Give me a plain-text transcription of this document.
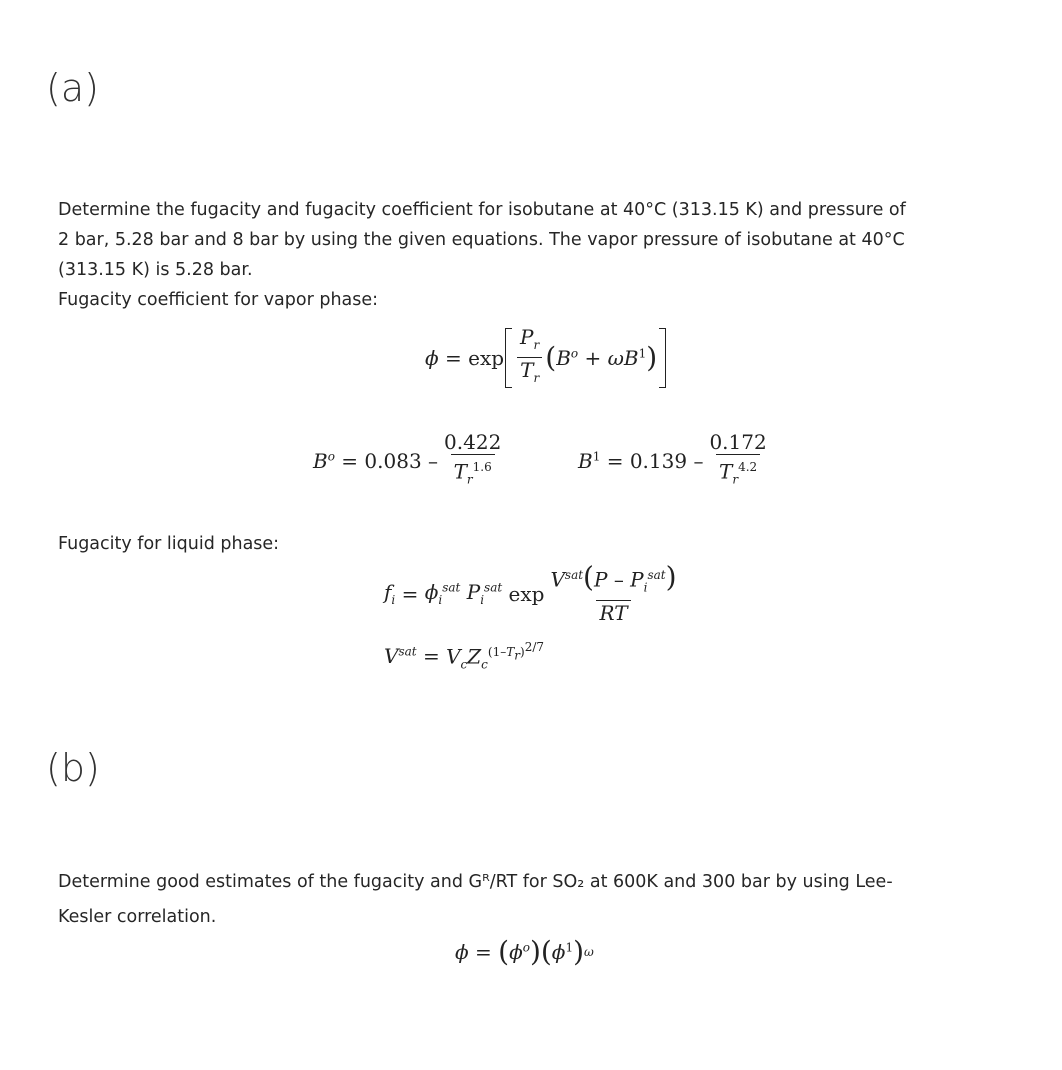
(a)
Determine the fugacity and fugacity coefficient for isobutane at 40°C (313.15 K) and pressure of
2 bar, 5.28 bar and 8 bar by using the given equations. The vapor pressure of isobutane at 40°C
(313.15 K) is 5.28 bar.
Fugacity coefficient for vapor phase:
$\phi = \exp \frac{P_r}{T_r}$ ( $B^o + \omega B^1$ )
$B^o = 0.083 - \frac{0.422}{T_r^{1.6}}$	$B^1 = 0.139 - \frac{0.172}{T_r^{4.2}}$
Fugacity for liquid phase:
$f_i = \phi_i^{sat}$ $P_i^{sat}$ $\exp \frac{V^{sat}(P - P_i^{sat})}{RT}$
$V^{sat} = V_cZ_c^{(1-T_r)^{2/7}}$
(b)
Determine good estimates of the fugacity and Gᴿ/RT for SO₂ at 600K and 300 bar by using Lee-
Kesler correlation.
ϕ = ( $\phi^o$ )( $\phi^1$ ) ω
